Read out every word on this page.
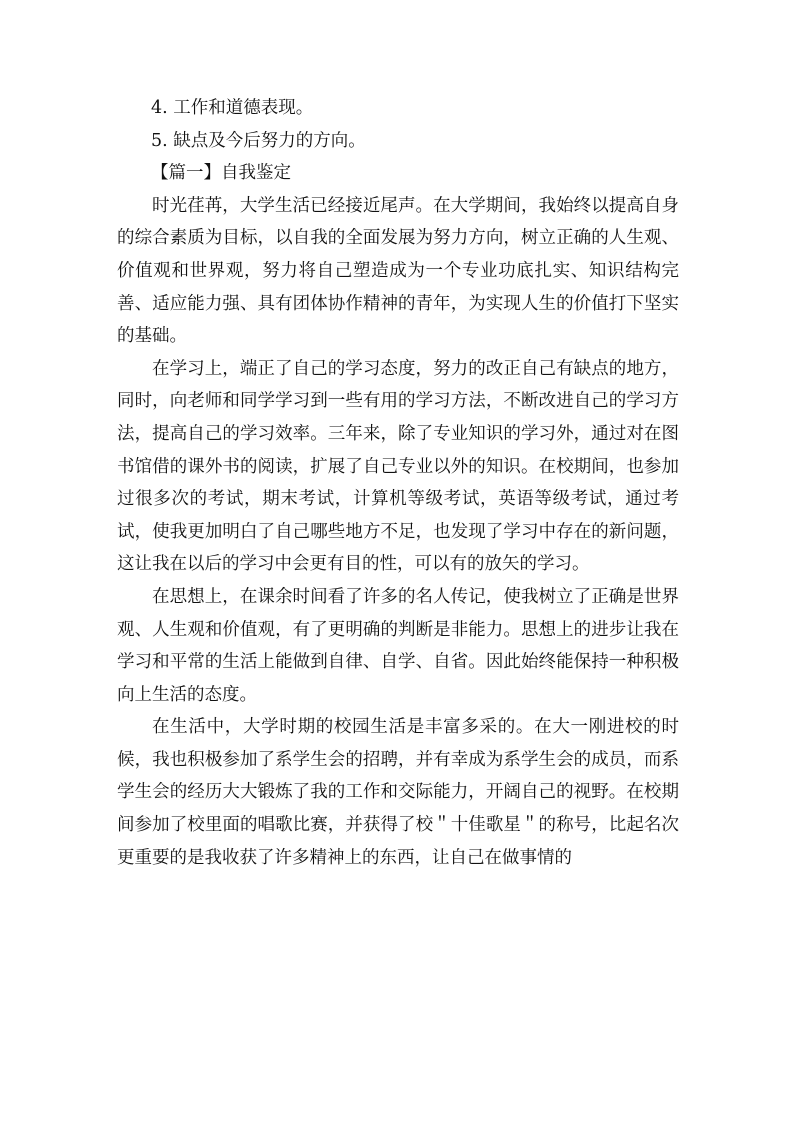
4. 工作和道德表现。

5. 缺点及今后努力的方向。

【篇一】自我鉴定

时光荏苒，大学生活已经接近尾声。在大学期间，我始终以提高自身的综合素质为目标，以自我的全面发展为努力方向，树立正确的人生观、价值观和世界观，努力将自己塑造成为一个专业功底扎实、知识结构完善、适应能力强、具有团体协作精神的青年，为实现人生的价值打下坚实的基础。

在学习上，端正了自己的学习态度，努力的改正自己有缺点的地方，同时，向老师和同学学习到一些有用的学习方法，不断改进自己的学习方法，提高自己的学习效率。三年来，除了专业知识的学习外，通过对在图书馆借的课外书的阅读，扩展了自己专业以外的知识。在校期间，也参加过很多次的考试，期末考试，计算机等级考试，英语等级考试，通过考试，使我更加明白了自己哪些地方不足，也发现了学习中存在的新问题，这让我在以后的学习中会更有目的性，可以有的放矢的学习。

在思想上，在课余时间看了许多的名人传记，使我树立了正确是世界观、人生观和价值观，有了更明确的判断是非能力。思想上的进步让我在学习和平常的生活上能做到自律、自学、自省。因此始终能保持一种积极向上生活的态度。

在生活中，大学时期的校园生活是丰富多采的。在大一刚进校的时候，我也积极参加了系学生会的招聘，并有幸成为系学生会的成员，而系学生会的经历大大锻炼了我的工作和交际能力，开阔自己的视野。在校期间参加了校里面的唱歌比赛，并获得了校＂十佳歌星＂的称号，比起名次更重要的是我收获了许多精神上的东西，让自己在做事情的
